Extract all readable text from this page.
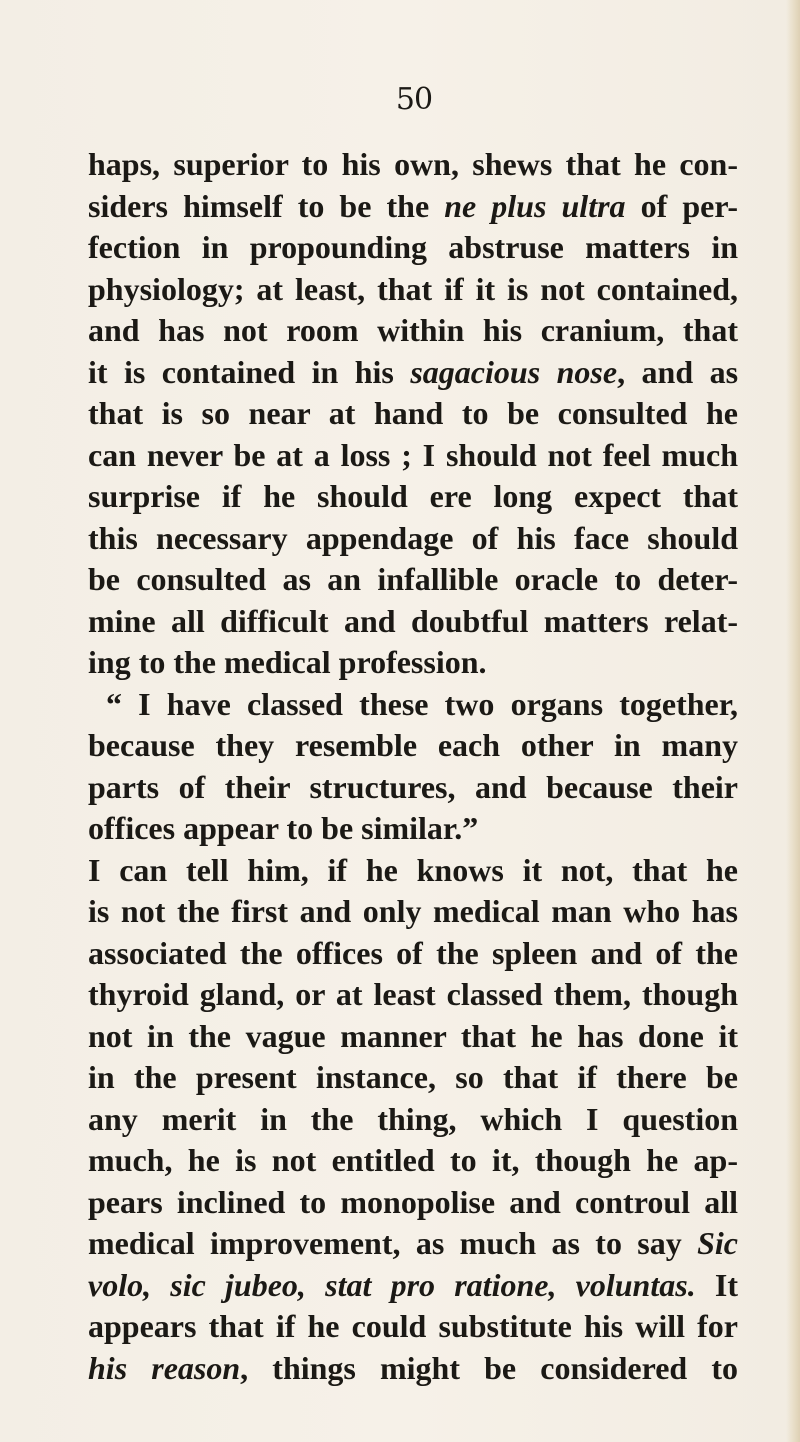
50
haps, superior to his own, shews that he con-
siders himself to be the ne plus ultra of per-
fection in propounding abstruse matters in
physiology; at least, that if it is not contained,
and has not room within his cranium, that
it is contained in his sagacious nose, and as
that is so near at hand to be consulted he
can never be at a loss ; I should not feel much
surprise if he should ere long expect that
this necessary appendage of his face should
be consulted as an infallible oracle to deter-
mine all difficult and doubtful matters relat-
ing to the medical profession.
“ I have classed these two organs together,
because they resemble each other in many
parts of their structures, and because their
offices appear to be similar.”
I can tell him, if he knows it not, that he
is not the first and only medical man who has
associated the offices of the spleen and of the
thyroid gland, or at least classed them, though
not in the vague manner that he has done it
in the present instance, so that if there be
any merit in the thing, which I question
much, he is not entitled to it, though he ap-
pears inclined to monopolise and controul all
medical improvement, as much as to say Sic
volo, sic jubeo, stat pro ratione, voluntas. It
appears that if he could substitute his will for
his reason, things might be considered to
